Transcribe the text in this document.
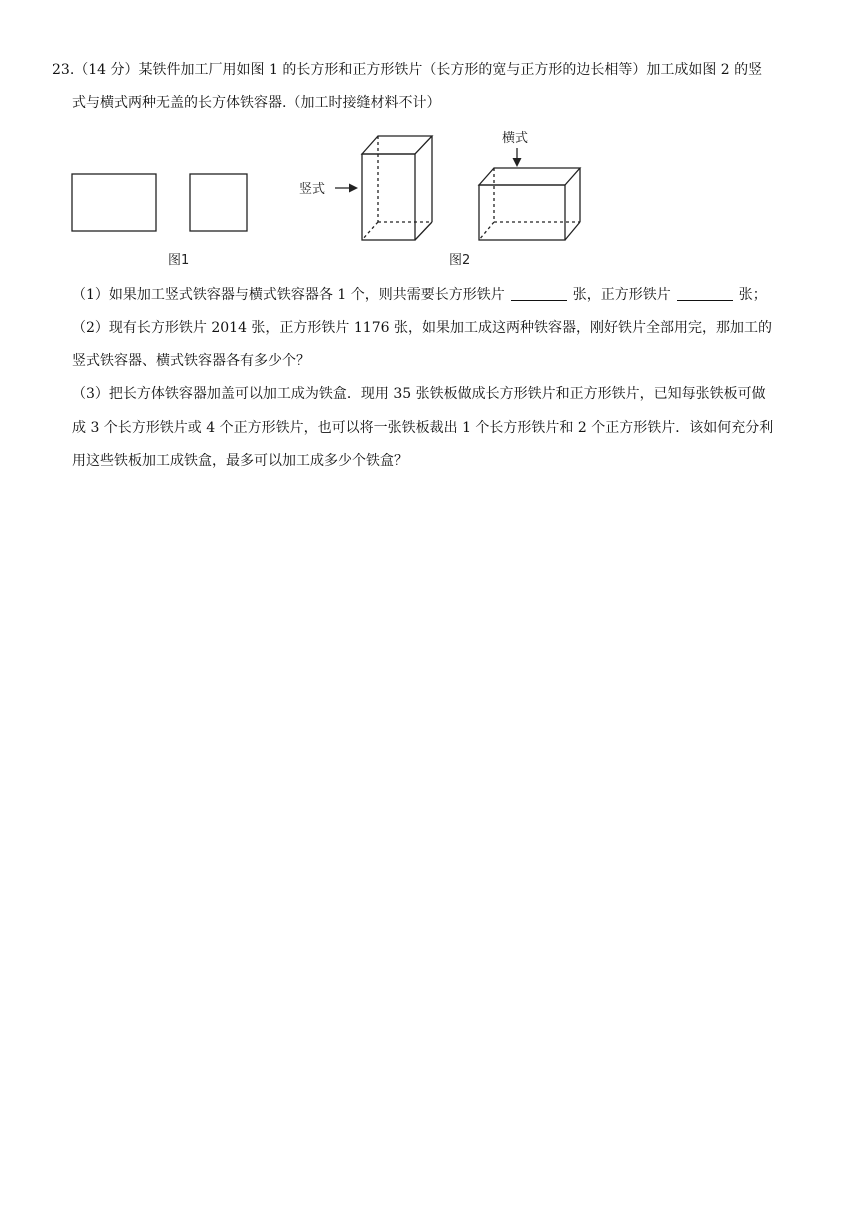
23.（14 分）某铁件加工厂用如图 1 的长方形和正方形铁片（长方形的宽与正方形的边长相等）加工成如图 2 的竖
式与横式两种无盖的长方体铁容器.（加工时接缝材料不计）
图1
竖式
横式
图2
（1）如果加工竖式铁容器与横式铁容器各 1 个，则共需要长方形铁片	张，正方形铁片	张；
（2）现有长方形铁片 2014 张，正方形铁片 1176 张，如果加工成这两种铁容器，刚好铁片全部用完，那加工的
竖式铁容器、横式铁容器各有多少个？
（3）把长方体铁容器加盖可以加工成为铁盒．现用 35 张铁板做成长方形铁片和正方形铁片，已知每张铁板可做
成 3 个长方形铁片或 4 个正方形铁片，也可以将一张铁板裁出 1 个长方形铁片和 2 个正方形铁片．该如何充分利
用这些铁板加工成铁盒，最多可以加工成多少个铁盒？
